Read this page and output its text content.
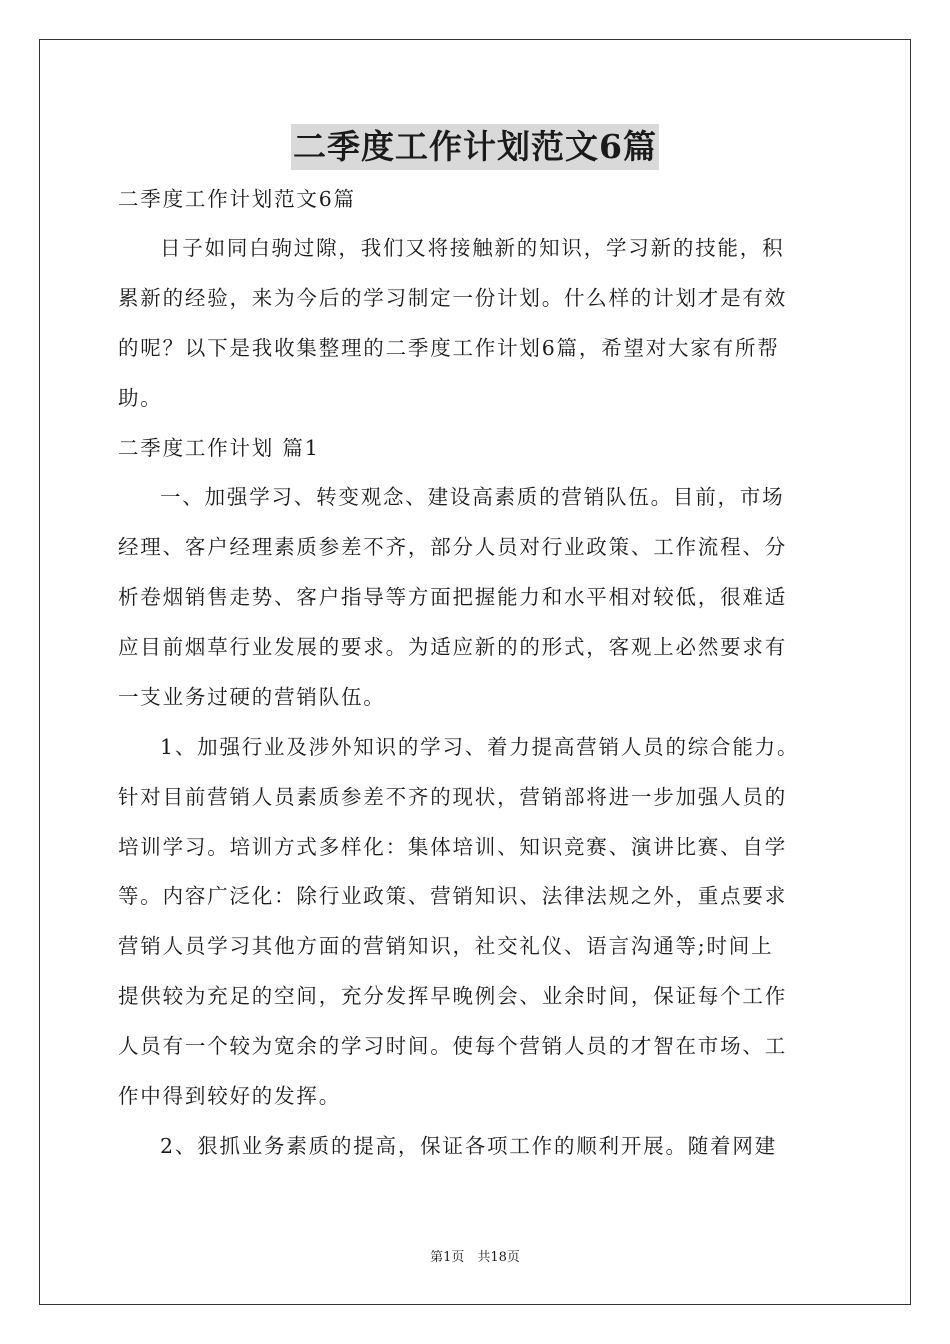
二季度工作计划范文6篇

二季度工作计划范文6篇

日子如同白驹过隙，我们又将接触新的知识，学习新的技能，积

累新的经验，来为今后的学习制定一份计划。什么样的计划才是有效

的呢？以下是我收集整理的二季度工作计划6篇，希望对大家有所帮

助。

二季度工作计划 篇1

一、加强学习、转变观念、建设高素质的营销队伍。目前，市场

经理、客户经理素质参差不齐，部分人员对行业政策、工作流程、分

析卷烟销售走势、客户指导等方面把握能力和水平相对较低，很难适

应目前烟草行业发展的要求。为适应新的的形式，客观上必然要求有

一支业务过硬的营销队伍。

1、加强行业及涉外知识的学习、着力提高营销人员的综合能力。

针对目前营销人员素质参差不齐的现状，营销部将进一步加强人员的

培训学习。培训方式多样化：集体培训、知识竞赛、演讲比赛、自学

等。内容广泛化：除行业政策、营销知识、法律法规之外，重点要求

营销人员学习其他方面的营销知识，社交礼仪、语言沟通等;时间上

提供较为充足的空间，充分发挥早晚例会、业余时间，保证每个工作

人员有一个较为宽余的学习时间。使每个营销人员的才智在市场、工

作中得到较好的发挥。

2、狠抓业务素质的提高，保证各项工作的顺利开展。随着网建

第1页　共18页
